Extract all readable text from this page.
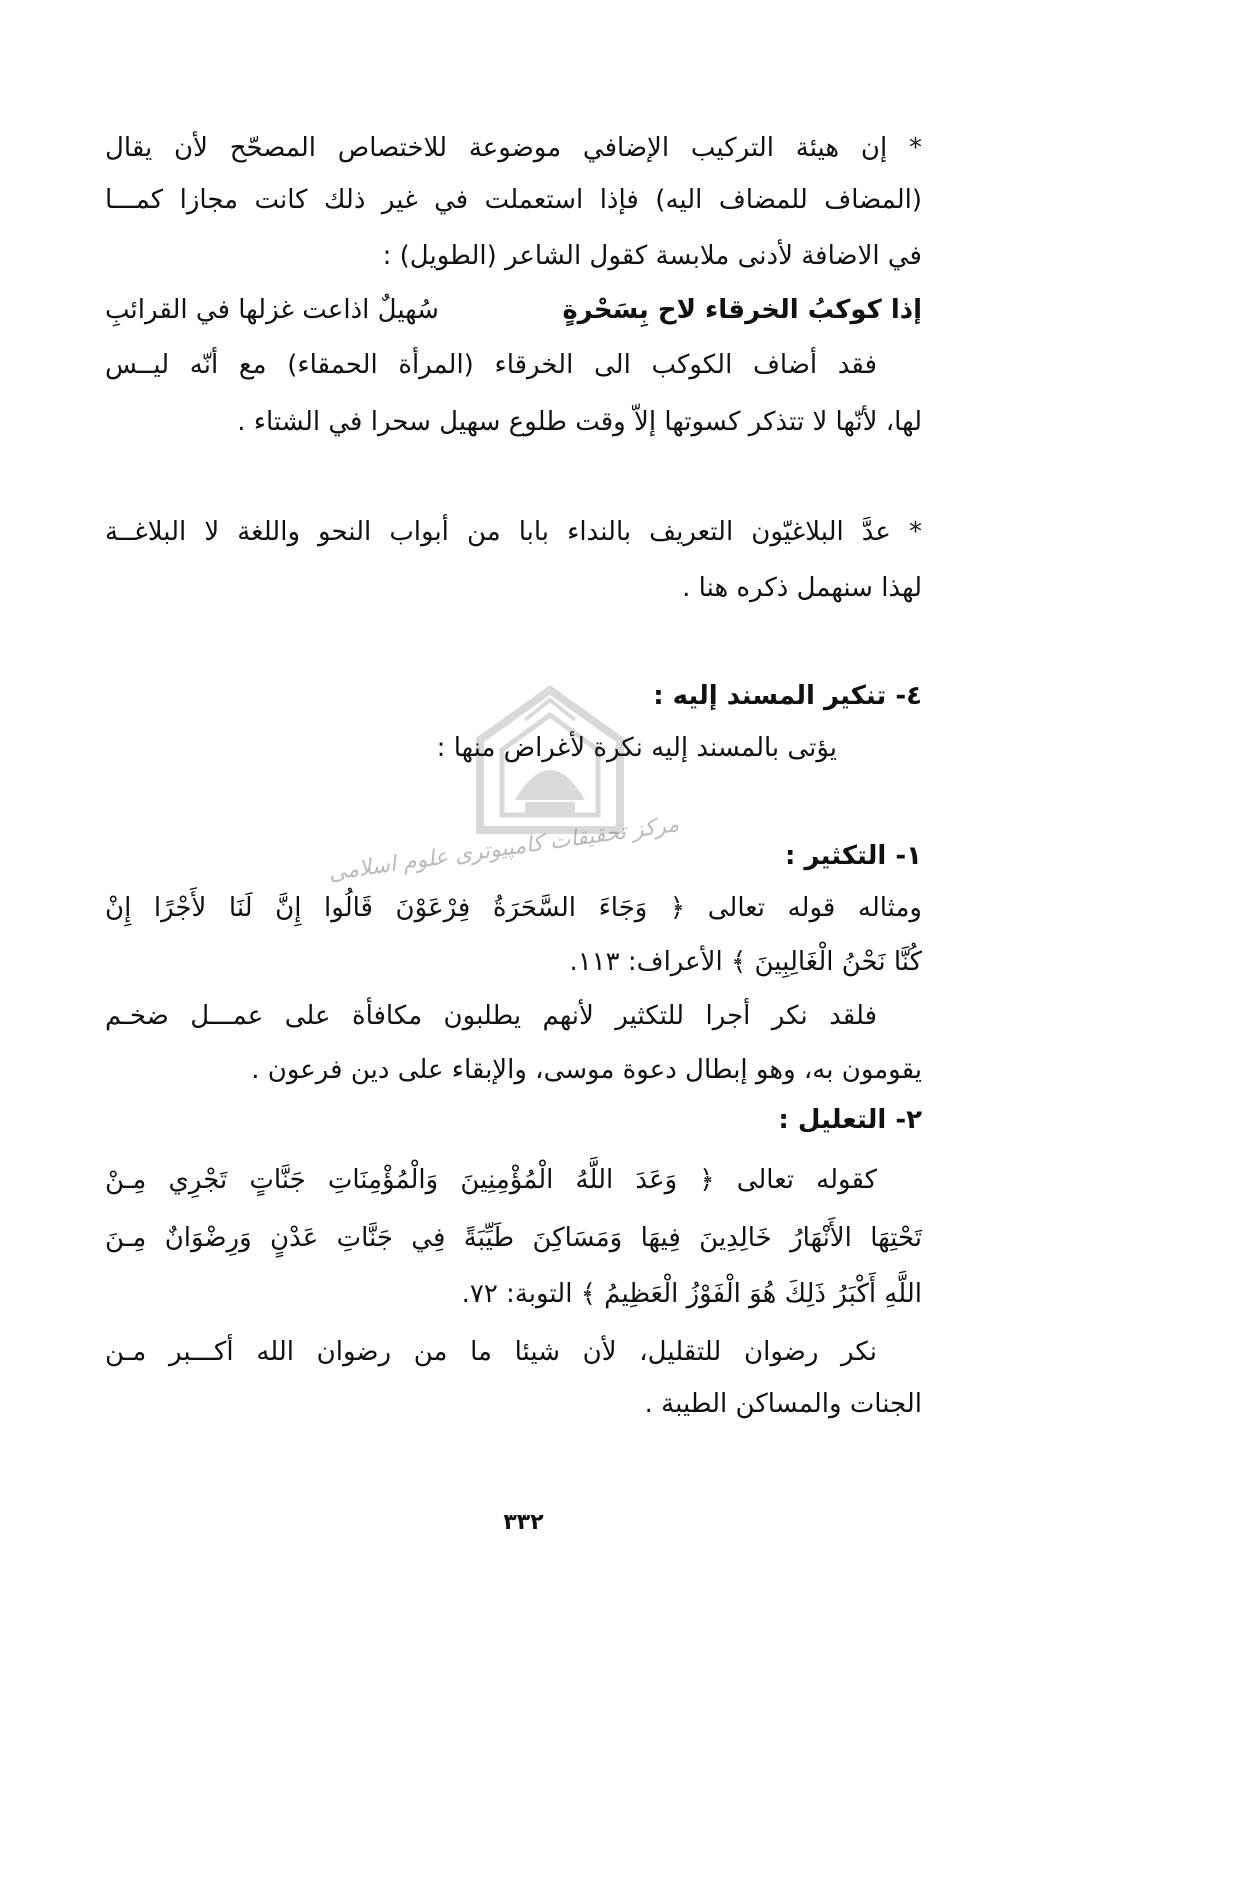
* إن هيئة التركيب الإضافي موضوعة للاختصاص المصحّح لأن يقال
(المضاف للمضاف اليه) فإذا استعملت في غير ذلك كانت مجازا كمـــا
في الاضافة لأدنى ملابسة كقول الشاعر (الطويل) :
إذا كوكبُ الخرقاء لاح بِسَحْرةٍ سُهيلٌ اذاعت غزلها في القرائبِ
فقد أضاف الكوكب الى الخرقاء (المرأة الحمقاء) مع أنّه ليــس
لها، لأنّها لا تتذكر كسوتها إلاّ وقت طلوع سهيل سحرا في الشتاء .
* عدَّ البلاغيّون التعريف بالنداء بابا من أبواب النحو واللغة لا البلاغــة
لهذا سنهمل ذكره هنا .
٤- تنكير المسند إليه :
يؤتى بالمسند إليه نكرة لأغراض منها :
مركز تحقيقات كامپيوترى علوم اسلامى	١- التكثير :
ومثاله قوله تعالى ﴿ وَجَاءَ السَّحَرَةُ فِرْعَوْنَ قَالُوا إِنَّ لَنَا لأَجْرًا إِنْ
كُنَّا نَحْنُ الْغَالِبِينَ ﴾ الأعراف: ١١٣.
فلقد نكر أجرا للتكثير لأنهم يطلبون مكافأة على عمـــل ضخـم
يقومون به، وهو إبطال دعوة موسى، والإبقاء على دين فرعون .
٢- التعليل :
كقوله تعالى ﴿ وَعَدَ اللَّهُ الْمُؤْمِنِينَ وَالْمُؤْمِنَاتِ جَنَّاتٍ تَجْرِي مِـنْ
تَحْتِهَا الأَنْهَارُ خَالِدِينَ فِيهَا وَمَسَاكِنَ طَيِّبَةً فِي جَنَّاتِ عَدْنٍ وَرِضْوَانٌ مِـنَ
اللَّهِ أَكْبَرُ ذَلِكَ هُوَ الْفَوْزُ الْعَظِيمُ ﴾ التوبة: ٧٢.
نكر رضوان للتقليل، لأن شيئا ما من رضوان الله أكـــبر مـن
الجنات والمساكن الطيبة .
٣٣٢
